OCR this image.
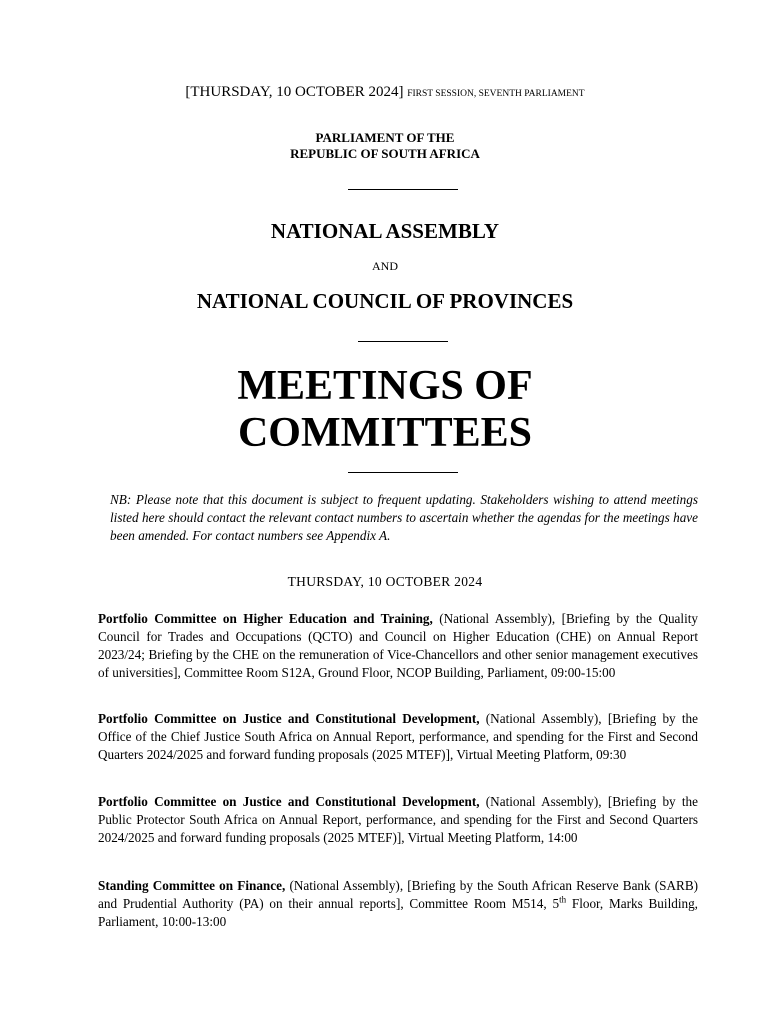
[THURSDAY, 10 OCTOBER 2024] FIRST SESSION, SEVENTH PARLIAMENT
PARLIAMENT OF THE
REPUBLIC OF SOUTH AFRICA
NATIONAL ASSEMBLY
AND
NATIONAL COUNCIL OF PROVINCES
MEETINGS OF
COMMITTEES
NB: Please note that this document is subject to frequent updating. Stakeholders wishing to attend meetings listed here should contact the relevant contact numbers to ascertain whether the agendas for the meetings have been amended. For contact numbers see Appendix A.
THURSDAY, 10 OCTOBER 2024
Portfolio Committee on Higher Education and Training, (National Assembly), [Briefing by the Quality Council for Trades and Occupations (QCTO) and Council on Higher Education (CHE) on Annual Report 2023/24; Briefing by the CHE on the remuneration of Vice-Chancellors and other senior management executives of universities], Committee Room S12A, Ground Floor, NCOP Building, Parliament, 09:00-15:00
Portfolio Committee on Justice and Constitutional Development, (National Assembly), [Briefing by the Office of the Chief Justice South Africa on Annual Report, performance, and spending for the First and Second Quarters 2024/2025 and forward funding proposals (2025 MTEF)], Virtual Meeting Platform, 09:30
Portfolio Committee on Justice and Constitutional Development, (National Assembly), [Briefing by the Public Protector South Africa on Annual Report, performance, and spending for the First and Second Quarters 2024/2025 and forward funding proposals (2025 MTEF)], Virtual Meeting Platform, 14:00
Standing Committee on Finance, (National Assembly), [Briefing by the South African Reserve Bank (SARB) and Prudential Authority (PA) on their annual reports], Committee Room M514, 5th Floor, Marks Building, Parliament, 10:00-13:00
